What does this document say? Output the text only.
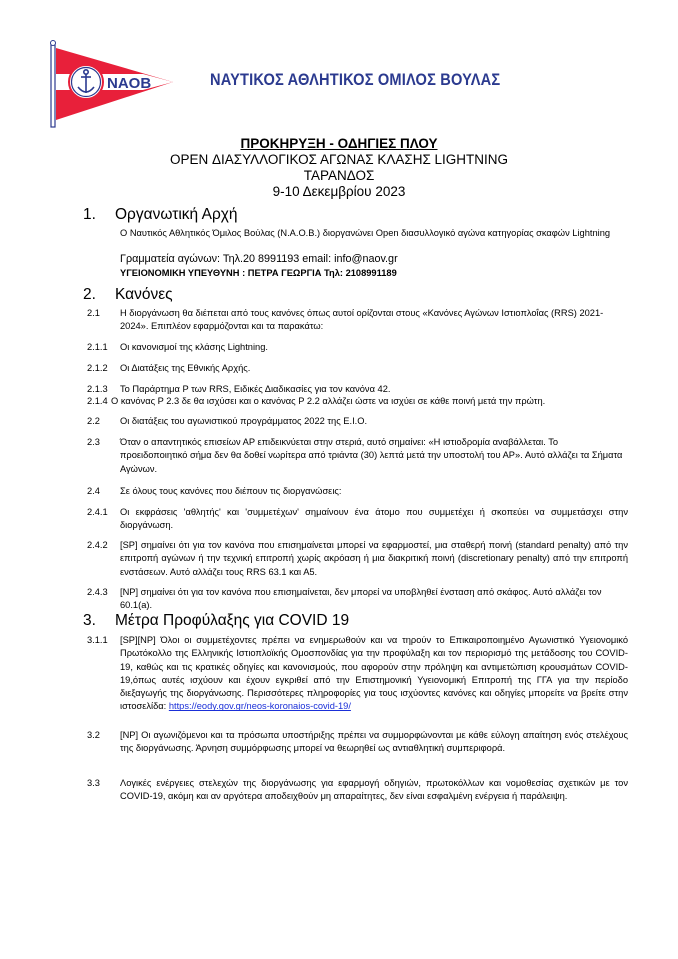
NAOB	ΝΑΥΤΙΚΟΣ ΑΘΛΗΤΙΚΟΣ ΟΜΙΛΟΣ ΒΟΥΛΑΣ
ΠΡΟΚΗΡΥΞΗ - ΟΔΗΓΙΕΣ ΠΛΟΥ
OPEN ΔΙΑΣΥΛΛΟΓΙΚΟΣ ΑΓΩΝΑΣ ΚΛΑΣΗΣ LIGHTNING
ΤΑΡΑΝΔΟΣ
9-10 Δεκεμβρίου 2023
1. Οργανωτική Αρχή
Ο Ναυτικός Αθλητικός Όμιλος Βούλας (Ν.Α.Ο.Β.) διοργανώνει Open διασυλλογικό αγώνα κατηγορίας σκαφών Lightning
Γραμματεία αγώνων: Τηλ.20 8991193 email: info@naov.gr
ΥΓΕΙΟΝΟΜΙΚΗ ΥΠΕΥΘΥΝΗ : ΠΕΤΡΑ ΓΕΩΡΓΙΑ Τηλ: 2108991189
2. Κανόνες
2.1 Η διοργάνωση θα διέπεται από τους κανόνες όπως αυτοί ορίζονται στους «Κανόνες Αγώνων Ιστιοπλοΐας (RRS) 2021-2024». Επιπλέον εφαρμόζονται και τα παρακάτω:
2.1.1 Οι κανονισμοί της κλάσης Lightning.
2.1.2 Οι Διατάξεις της Εθνικής Αρχής.
2.1.3 Το Παράρτημα Ρ των RRS, Ειδικές Διαδικασίες για τον κανόνα 42.
2.1.4 Ο κανόνας Ρ 2.3 δε θα ισχύσει και ο κανόνας Ρ 2.2 αλλάζει ώστε να ισχύει σε κάθε ποινή μετά την πρώτη.
2.2 Οι διατάξεις του αγωνιστικού προγράμματος 2022 της Ε.Ι.Ο.
2.3 Όταν ο απαντητικός επισείων ΑΡ επιδεικνύεται στην στεριά, αυτό σημαίνει: «Η ιστιοδρομία αναβάλλεται. Το προειδοποιητικό σήμα δεν θα δοθεί νωρίτερα από τριάντα (30) λεπτά μετά την υποστολή του ΑΡ». Αυτό αλλάζει τα Σήματα Αγώνων.
2.4 Σε όλους τους κανόνες που διέπουν τις διοργανώσεις:
2.4.1 Οι εκφράσεις 'αθλητής' και 'συμμετέχων' σημαίνουν ένα άτομο που συμμετέχει ή σκοπεύει να συμμετάσχει στην διοργάνωση.
2.4.2 [SP] σημαίνει ότι για τον κανόνα που επισημαίνεται μπορεί να εφαρμοστεί, μια σταθερή ποινή (standard penalty) από την επιτροπή αγώνων ή την τεχνική επιτροπή χωρίς ακρόαση ή μια διακριτική ποινή (discretionary penalty) από την επιτροπή ενστάσεων. Αυτό αλλάζει τους RRS 63.1 και Α5.
2.4.3 [NP] σημαίνει ότι για τον κανόνα που επισημαίνεται, δεν μπορεί να υποβληθεί ένσταση από σκάφος. Αυτό αλλάζει τον 60.1(a).
3. Μέτρα Προφύλαξης για COVID 19
3.1.1 [SP][NP] Όλοι οι συμμετέχοντες πρέπει να ενημερωθούν και να τηρούν το Επικαιροποιημένο Αγωνιστικό Υγειονομικό Πρωτόκολλο της Ελληνικής Ιστιοπλοϊκής Ομοσπονδίας για την προφύλαξη και τον περιορισμό της μετάδοσης του COVID-19, καθώς και τις κρατικές οδηγίες και κανονισμούς, που αφορούν στην πρόληψη και αντιμετώπιση κρουσμάτων COVID-19,όπως αυτές ισχύουν και έχουν εγκριθεί από την Επιστημονική Υγειονομική Επιτροπή της ΓΓΑ για την περίοδο διεξαγωγής της διοργάνωσης. Περισσότερες πληροφορίες για τους ισχύοντες κανόνες και οδηγίες μπορείτε να βρείτε στην ιστοσελίδα: https://eody.gov.gr/neos-koronaios-covid-19/
3.2 [NP] Οι αγωνιζόμενοι και τα πρόσωπα υποστήριξης πρέπει να συμμορφώνονται με κάθε εύλογη απαίτηση ενός στελέχους της διοργάνωσης. Άρνηση συμμόρφωσης μπορεί να θεωρηθεί ως αντιαθλητική συμπεριφορά.
3.3 Λογικές ενέργειες στελεχών της διοργάνωσης για εφαρμογή οδηγιών, πρωτοκόλλων και νομοθεσίας σχετικών με τον COVID-19, ακόμη και αν αργότερα αποδειχθούν μη απαραίτητες, δεν είναι εσφαλμένη ενέργεια ή παράλειψη.
